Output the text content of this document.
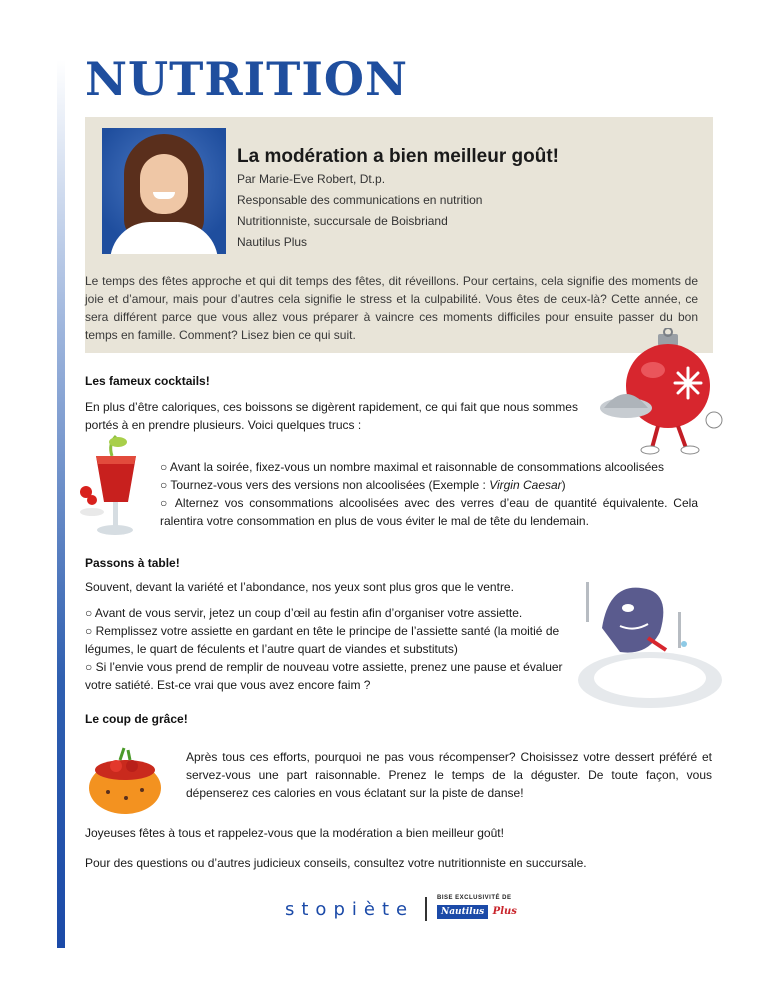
NUTRITION
La modération a bien meilleur goût!

Par Marie-Eve Robert, Dt.p.

Responsable des communications en nutrition

Nutritionniste, succursale de Boisbriand

Nautilus Plus

Le temps des fêtes approche et qui dit temps des fêtes, dit réveillons. Pour certains, cela signifie des moments de joie et d’amour, mais pour d’autres cela signifie le stress et la culpabilité. Vous êtes de ceux-là? Cette année, ce sera différent parce que vous allez vous préparer à vaincre ces moments difficiles pour ensuite passer du bon temps en famille. Comment? Lisez bien ce qui suit.

Les fameux cocktails!

En plus d’être caloriques, ces boissons se digèrent rapidement, ce qui fait que nous sommes portés à en prendre plusieurs. Voici quelques trucs :

○ Avant la soirée, fixez-vous un nombre maximal et raisonnable de consommations alcoolisées
○ Tournez-vous vers des versions non alcoolisées (Exemple : Virgin Caesar)
○ Alternez vos consommations alcoolisées avec des verres d’eau de quantité équivalente. Cela ralentira votre consommation en plus de vous éviter le mal de tête du lendemain.
Passons à table!

Souvent, devant la variété et l’abondance, nos yeux sont plus gros que le ventre.

○ Avant de vous servir, jetez un coup d’œil au festin afin d’organiser votre assiette.
○ Remplissez votre assiette en gardant en tête le principe de l’assiette santé (la moitié de légumes, le quart de féculents et l’autre quart de viandes et substituts)
○ Si l’envie vous prend de remplir de nouveau votre assiette, prenez une pause et évaluer votre satiété. Est-ce vrai que vous avez encore faim ?
Le coup de grâce!

Après tous ces efforts, pourquoi ne pas vous récompenser? Choisissez votre dessert préféré et servez-vous une part raisonnable. Prenez le temps de la déguster. De toute façon, vous dépenserez ces calories en vous éclatant sur la piste de danse!

Joyeuses fêtes à tous et rappelez-vous que la modération a bien meilleur goût!

Pour des questions ou d’autres judicieux conseils, consultez votre nutritionniste en succursale.

stopiète
BISE EXCLUSIVITÉ DE
Nautilus Plus
